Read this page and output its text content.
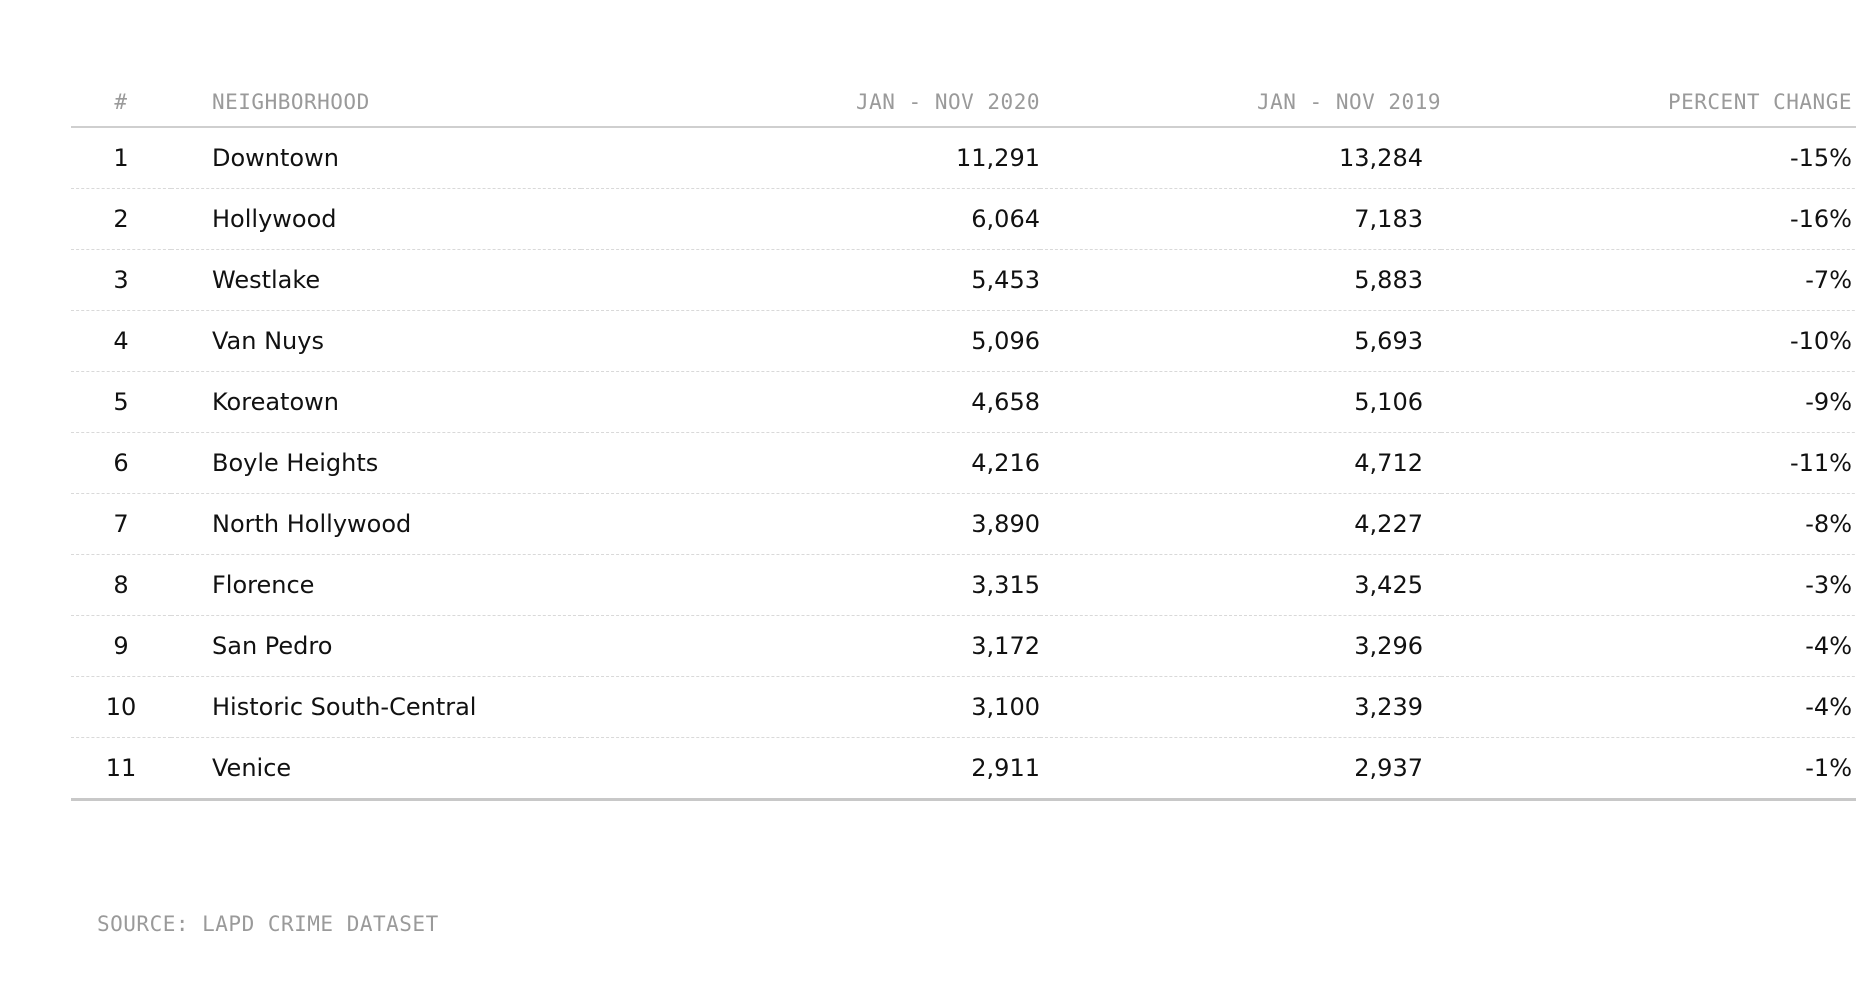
#	NEIGHBORHOOD	JAN - NOV 2020	JAN - NOV 2019	PERCENT CHANGE
1	Downtown	11,291	13,284	-15%
2	Hollywood	6,064	7,183	-16%
3	Westlake	5,453	5,883	-7%
4	Van Nuys	5,096	5,693	-10%
5	Koreatown	4,658	5,106	-9%
6	Boyle Heights	4,216	4,712	-11%
7	North Hollywood	3,890	4,227	-8%
8	Florence	3,315	3,425	-3%
9	San Pedro	3,172	3,296	-4%
10	Historic South-Central	3,100	3,239	-4%
11	Venice	2,911	2,937	-1%
SOURCE: LAPD CRIME DATASET
